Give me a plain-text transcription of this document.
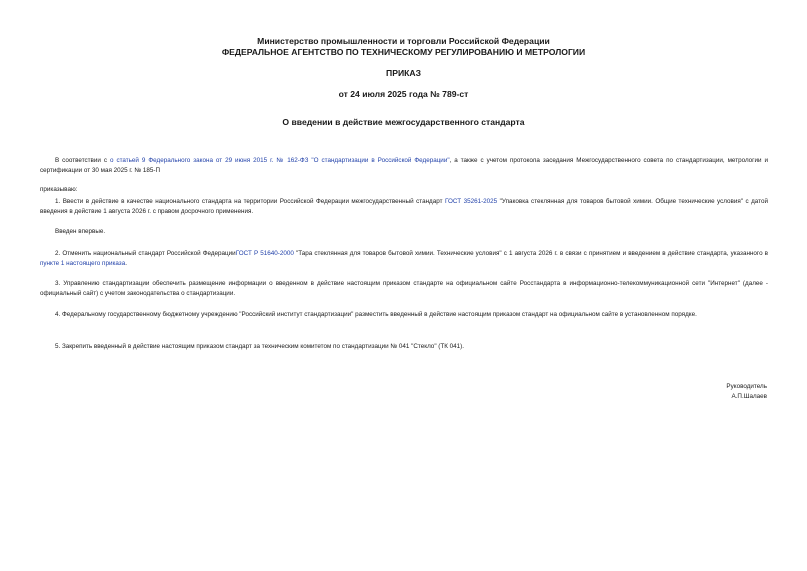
Министерство промышленности и торговли Российской Федерации
ФЕДЕРАЛЬНОЕ АГЕНТСТВО ПО ТЕХНИЧЕСКОМУ РЕГУЛИРОВАНИЮ И МЕТРОЛОГИИ
ПРИКАЗ
от 24 июля 2025 года № 789-ст
О введении в действие межгосударственного стандарта
В соответствии с о статьей 9 Федерального закона от 29 июня 2015 г. № 162-ФЗ "О стандартизации в Российской Федерации", а также с учетом протокола заседания Межгосударственного совета по стандартизации, метрологии и сертификации от 30 мая 2025 г. № 185-П
приказываю:
1. Ввести в действие в качестве национального стандарта на территории Российской Федерации межгосударственный стандарт ГОСТ 35261-2025 "Упаковка стеклянная для товаров бытовой химии. Общие технические условия" с датой введения в действие 1 августа 2026 г. с правом досрочного применения.
Введен впервые.
2. Отменить национальный стандарт Российской ФедерацииГОСТ Р 51640-2000 "Тара стеклянная для товаров бытовой химии. Технические условия" с 1 августа 2026 г. в связи с принятием и введением в действие стандарта, указанного в пункте 1 настоящего приказа.
3. Управлению стандартизации обеспечить размещение информации о введенном в действие настоящим приказом стандарте на официальном сайте Росстандарта в информационно-телекоммуникационной сети "Интернет" (далее - официальный сайт) с учетом законодательства о стандартизации.
4. Федеральному государственному бюджетному учреждению "Российский институт стандартизации" разместить введенный в действие настоящим приказом стандарт на официальном сайте в установленном порядке.
5. Закрепить введенный в действие настоящим приказом стандарт за техническим комитетом по стандартизации № 041 "Стекло" (ТК 041).
Руководитель
А.П.Шалаев
